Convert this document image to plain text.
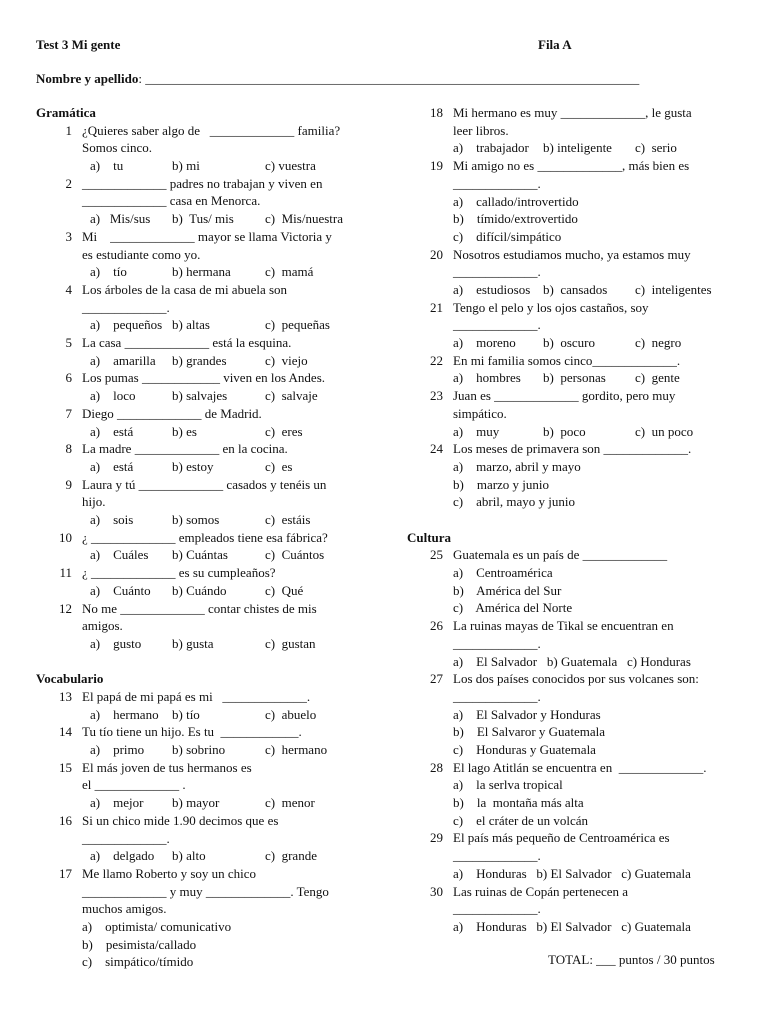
Test 3 Mi gente	Fila A
Nombre y apellido: ____________________________________________________________________________
Gramática
1 ¿Quieres saber algo de   _____________ familia?
Somos cinco.
a)    tu	b) mi	c) vuestra
2 _____________ padres no trabajan y viven en
_____________ casa en Menorca.
a)   Mis/sus b)  Tus/ mis c)  Mis/nuestra
3 Mi    _____________ mayor se llama Victoria y
es estudiante como yo.
a)    tío	b) hermana	c)  mamá
4 Los árboles de la casa de mi abuela son
_____________.
a)    pequeños b) altas	c)  pequeñas
5 La casa _____________ está la esquina.
a)    amarilla b) grandes	c)  viejo
6 Los pumas ____________ viven en los Andes.
a)    loco	b) salvajes	c)  salvaje
7 Diego _____________ de Madrid.
a)    está	b) es	c)  eres
8 La madre _____________ en la cocina.
a)    está	b) estoy	c)  es
9 Laura y tú _____________ casados y tenéis un
hijo.
a)    sois	b) somos	c)  estáis
10 ¿ _____________ empleados tiene esa fábrica?
a)    Cuáles b) Cuántas	c)  Cuántos
11 ¿ _____________ es su cumpleaños?
a)    Cuánto b) Cuándo	c)  Qué
12 No me _____________ contar chistes de mis
amigos.
a)    gusto b) gusta	c)  gustan
Vocabulario
13 El papá de mi papá es mi   _____________.
a)    hermano b) tío	c)  abuelo
14 Tu tío tiene un hijo. Es tu  ____________.
a)    primo b) sobrino	c)  hermano
15 El más joven de tus hermanos es
el _____________ .
a)    mejor b) mayor	c)  menor
16 Si un chico mide 1.90 decimos que es
_____________.
a)    delgado b) alto	c)  grande
17 Me llamo Roberto y soy un chico
_____________ y muy _____________. Tengo
muchos amigos.
a)    optimista/ comunicativo
b)    pesimista/callado
c)    simpático/tímido
18 Mi hermano es muy _____________, le gusta
leer libros.
a)    trabajador b) inteligente c)  serio
19 Mi amigo no es _____________, más bien es
_____________.
a)    callado/introvertido
b)    tímido/extrovertido
c)    difícil/simpático
20 Nosotros estudiamos mucho, ya estamos muy
_____________.
a)    estudiosos b)  cansados c)  inteligentes
21 Tengo el pelo y los ojos castaños, soy
_____________.
a)    moreno b)  oscuro	c)  negro
22 En mi familia somos cinco_____________.
a)    hombres b)  personas c)  gente
23 Juan es _____________ gordito, pero muy
simpático.
a)    muy	b)  poco	c)  un poco
24 Los meses de primavera son _____________.
a)    marzo, abril y mayo
b)    marzo y junio
c)    abril, mayo y junio
Cultura
25 Guatemala es un país de _____________
a)    Centroamérica
b)    América del Sur
c)    América del Norte
26 La ruinas mayas de Tikal se encuentran en
_____________.
a)    El Salvador   b) Guatemala   c) Honduras
27 Los dos países conocidos por sus volcanes son:
_____________.
a)    El Salvador y Honduras
b)    El Salvaror y Guatemala
c)    Honduras y Guatemala
28 El lago Atitlán se encuentra en  _____________.
a)    la serlva tropical
b)    la  montaña más alta
c)    el cráter de un volcán
29 El país más pequeño de Centroamérica es
_____________.
a)    Honduras   b) El Salvador   c) Guatemala
30 Las ruinas de Copán pertenecen a
_____________.
a)    Honduras   b) El Salvador   c) Guatemala
TOTAL: ___ puntos / 30 puntos
